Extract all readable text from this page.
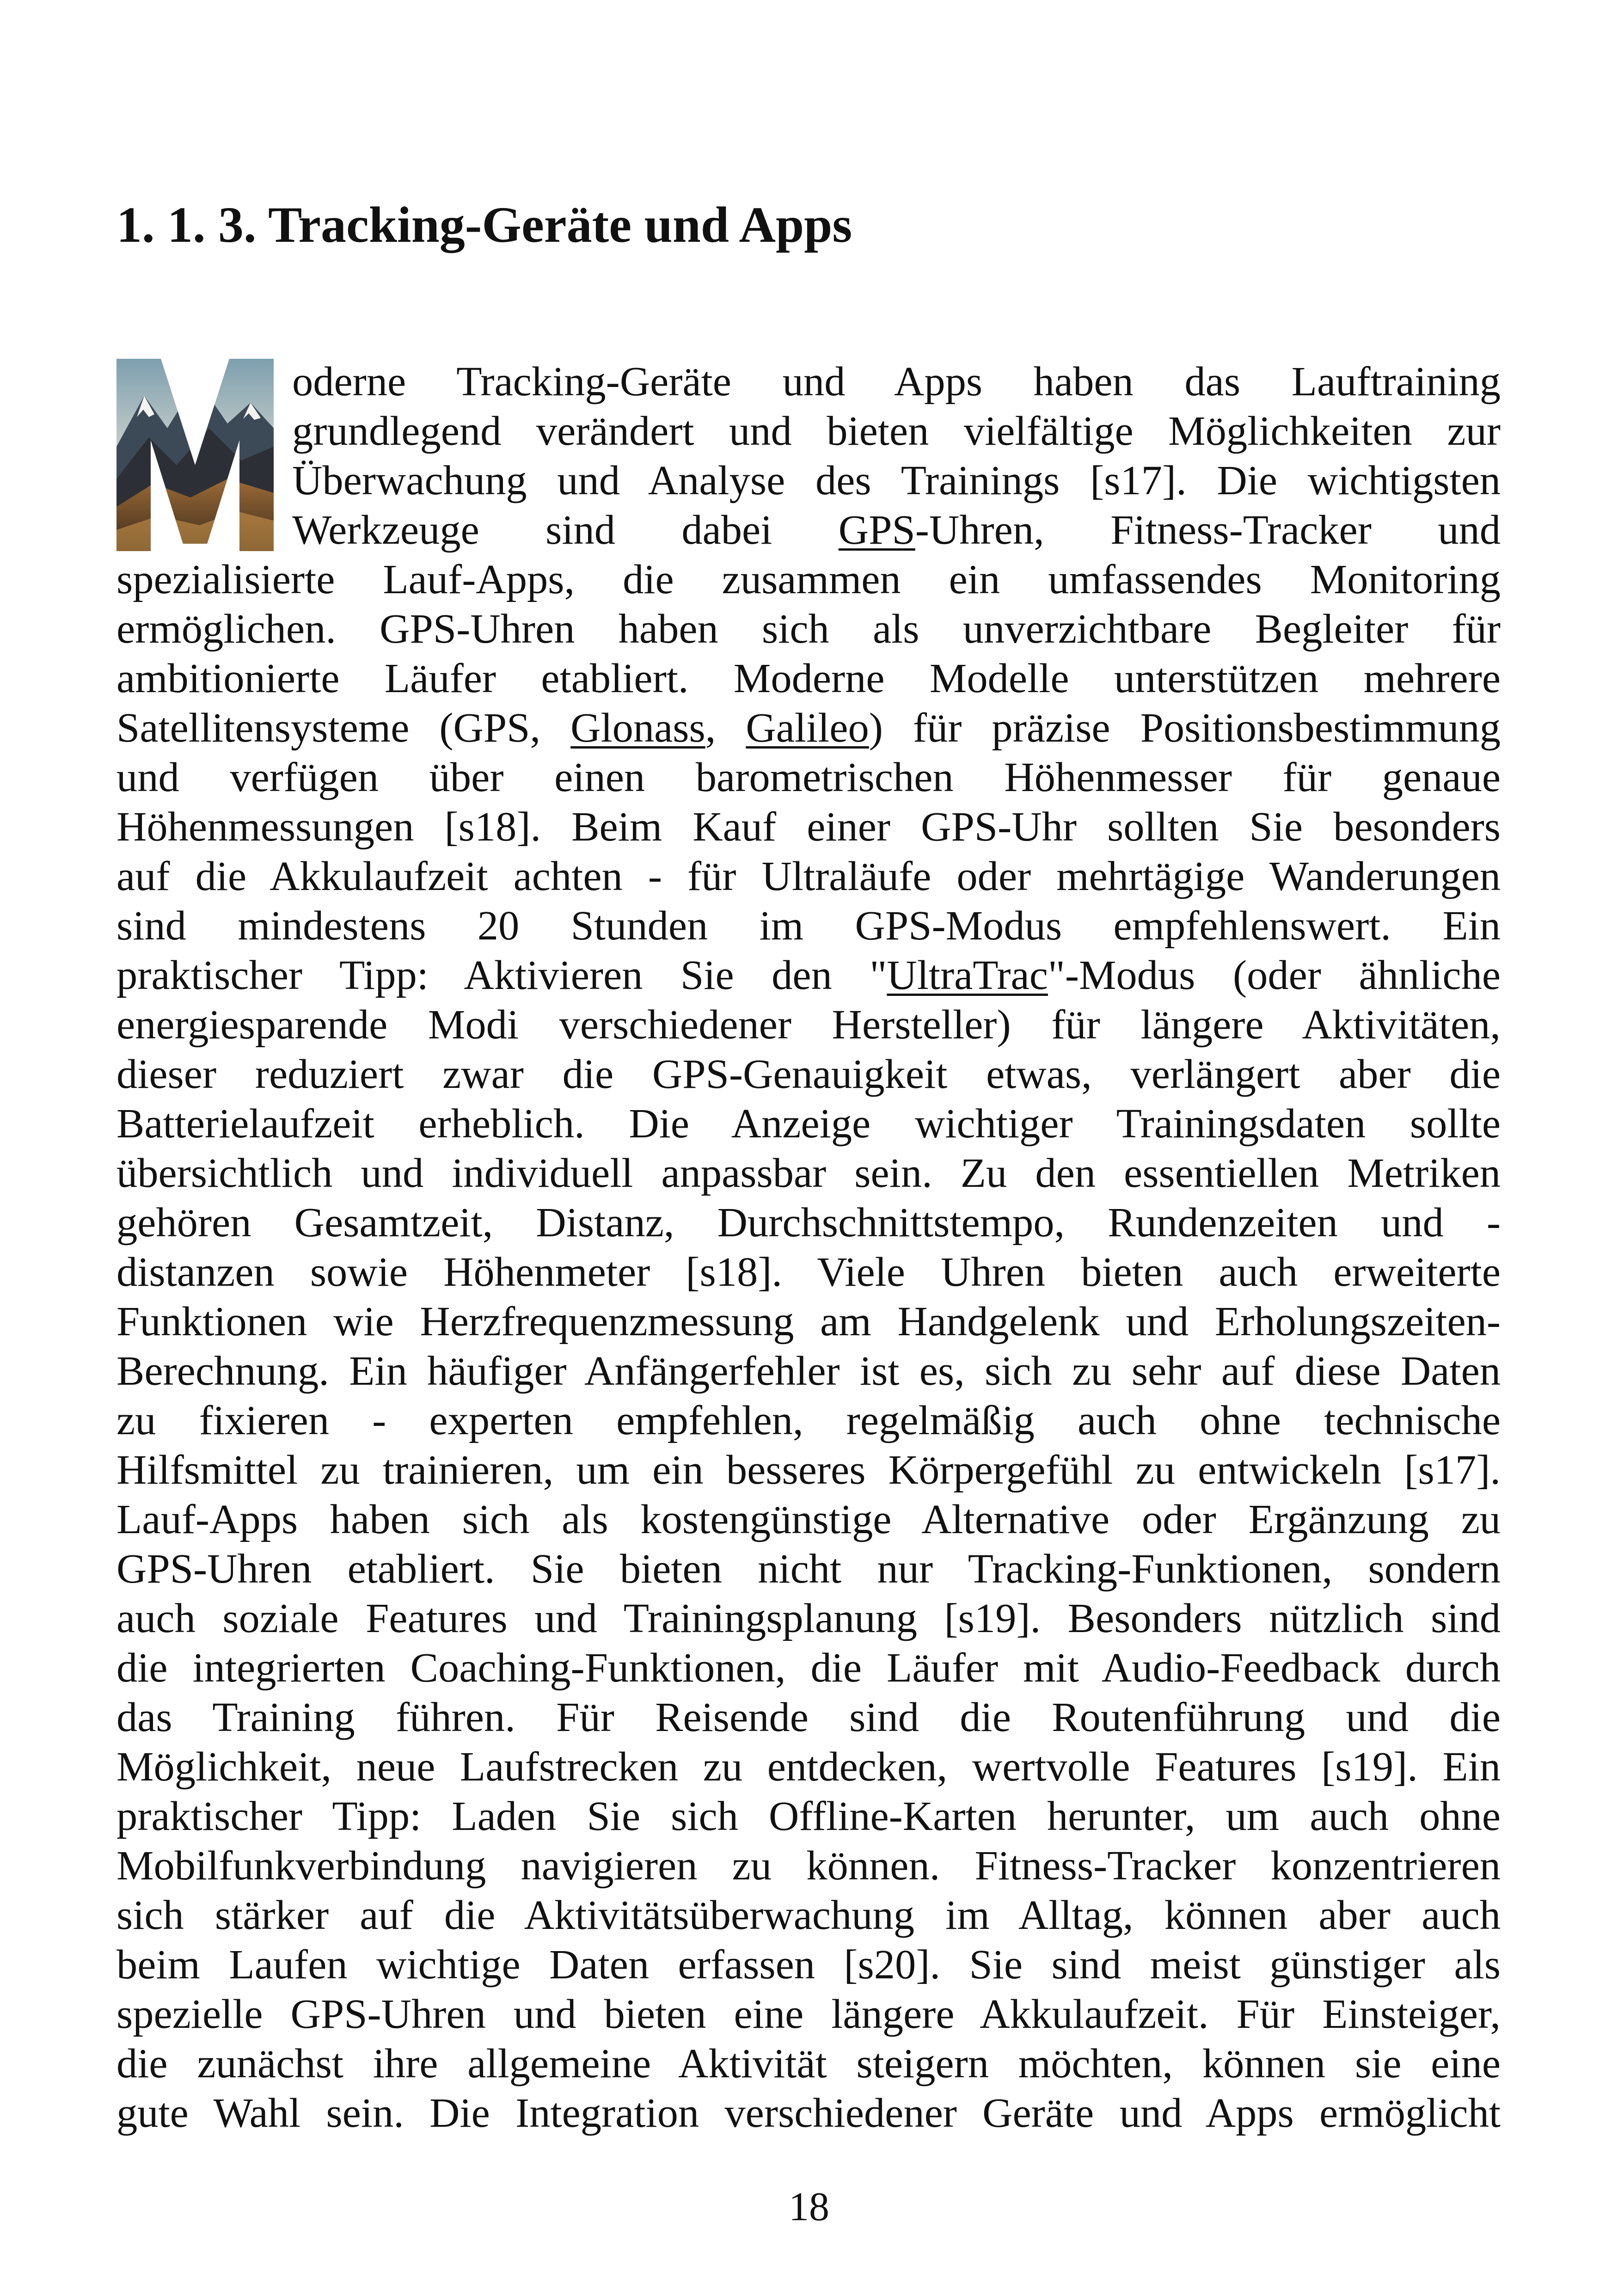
1. 1. 3. Tracking-Geräte und Apps
oderne Tracking-Geräte und Apps haben das Lauftraining
grundlegend verändert und bieten vielfältige Möglichkeiten zur
Überwachung und Analyse des Trainings [s17]. Die wichtigsten
Werkzeuge sind dabei GPS-Uhren, Fitness-Tracker und
spezialisierte Lauf-Apps, die zusammen ein umfassendes Monitoring
ermöglichen. GPS-Uhren haben sich als unverzichtbare Begleiter für
ambitionierte Läufer etabliert. Moderne Modelle unterstützen mehrere
Satellitensysteme (GPS, Glonass, Galileo) für präzise Positionsbestimmung
und verfügen über einen barometrischen Höhenmesser für genaue
Höhenmessungen [s18]. Beim Kauf einer GPS-Uhr sollten Sie besonders
auf die Akkulaufzeit achten - für Ultraläufe oder mehrtägige Wanderungen
sind mindestens 20 Stunden im GPS-Modus empfehlenswert. Ein
praktischer Tipp: Aktivieren Sie den "UltraTrac"-Modus (oder ähnliche
energiesparende Modi verschiedener Hersteller) für längere Aktivitäten,
dieser reduziert zwar die GPS-Genauigkeit etwas, verlängert aber die
Batterielaufzeit erheblich. Die Anzeige wichtiger Trainingsdaten sollte
übersichtlich und individuell anpassbar sein. Zu den essentiellen Metriken
gehören Gesamtzeit, Distanz, Durchschnittstempo, Rundenzeiten und -
distanzen sowie Höhenmeter [s18]. Viele Uhren bieten auch erweiterte
Funktionen wie Herzfrequenzmessung am Handgelenk und Erholungszeiten-
Berechnung. Ein häufiger Anfängerfehler ist es, sich zu sehr auf diese Daten
zu fixieren - experten empfehlen, regelmäßig auch ohne technische
Hilfsmittel zu trainieren, um ein besseres Körpergefühl zu entwickeln [s17].
Lauf-Apps haben sich als kostengünstige Alternative oder Ergänzung zu
GPS-Uhren etabliert. Sie bieten nicht nur Tracking-Funktionen, sondern
auch soziale Features und Trainingsplanung [s19]. Besonders nützlich sind
die integrierten Coaching-Funktionen, die Läufer mit Audio-Feedback durch
das Training führen. Für Reisende sind die Routenführung und die
Möglichkeit, neue Laufstrecken zu entdecken, wertvolle Features [s19]. Ein
praktischer Tipp: Laden Sie sich Offline-Karten herunter, um auch ohne
Mobilfunkverbindung navigieren zu können. Fitness-Tracker konzentrieren
sich stärker auf die Aktivitätsüberwachung im Alltag, können aber auch
beim Laufen wichtige Daten erfassen [s20]. Sie sind meist günstiger als
spezielle GPS-Uhren und bieten eine längere Akkulaufzeit. Für Einsteiger,
die zunächst ihre allgemeine Aktivität steigern möchten, können sie eine
gute Wahl sein. Die Integration verschiedener Geräte und Apps ermöglicht
18
